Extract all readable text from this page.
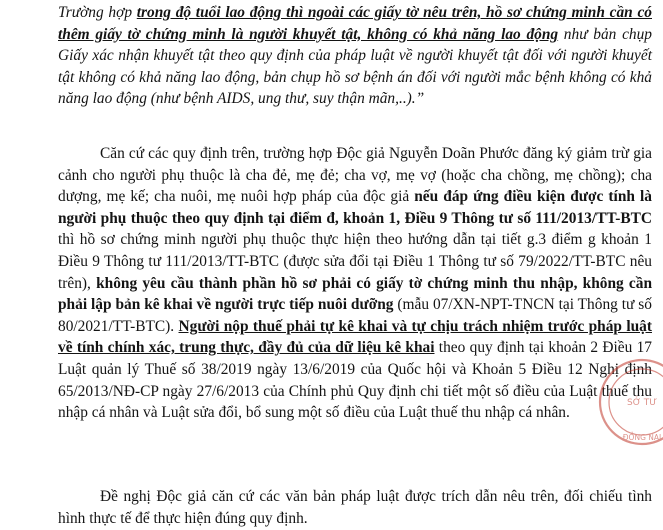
Trường hợp trong độ tuổi lao động thì ngoài các giấy tờ nêu trên, hồ sơ chứng minh cần có thêm giấy tờ chứng minh là người khuyết tật, không có khả năng lao động như bản chụp Giấy xác nhận khuyết tật theo quy định của pháp luật về người khuyết tật đối với người khuyết tật không có khả năng lao động, bản chụp hồ sơ bệnh án đối với người mắc bệnh không có khả năng lao động (như bệnh AIDS, ung thư, suy thận mãn,..).”

Căn cứ các quy định trên, trường hợp Độc giả Nguyễn Doãn Phước đăng ký giảm trừ gia cảnh cho người phụ thuộc là cha đẻ, mẹ đẻ; cha vợ, mẹ vợ (hoặc cha chồng, mẹ chồng); cha dượng, mẹ kế; cha nuôi, mẹ nuôi hợp pháp của độc giả nếu đáp ứng điều kiện được tính là người phụ thuộc theo quy định tại điểm đ, khoản 1, Điều 9 Thông tư số 111/2013/TT-BTC thì hồ sơ chứng minh người phụ thuộc thực hiện theo hướng dẫn tại tiết g.3 điểm g khoản 1 Điều 9 Thông tư 111/2013/TT-BTC (được sửa đổi tại Điều 1 Thông tư số 79/2022/TT-BTC nêu trên), không yêu cầu thành phần hồ sơ phải có giấy tờ chứng minh thu nhập, không cần phải lập bản kê khai về người trực tiếp nuôi dưỡng (mẫu 07/XN-NPT-TNCN tại Thông tư số 80/2021/TT-BTC). Người nộp thuế phải tự kê khai và tự chịu trách nhiệm trước pháp luật về tính chính xác, trung thực, đầy đủ của dữ liệu kê khai theo quy định tại khoản 2 Điều 17 Luật quản lý Thuế số 38/2019 ngày 13/6/2019 của Quốc hội và Khoản 5 Điều 12 Nghị định 65/2013/NĐ-CP ngày 27/6/2013 của Chính phủ Quy định chi tiết một số điều của Luật thuế thu nhập cá nhân và Luật sửa đổi, bổ sung một số điều của Luật thuế thu nhập cá nhân.

Đề nghị Độc giả căn cứ các văn bản pháp luật được trích dẫn nêu trên, đối chiếu tình hình thực tế để thực hiện đúng quy định.

SỞ TƯ
ĐỒNG NAI
